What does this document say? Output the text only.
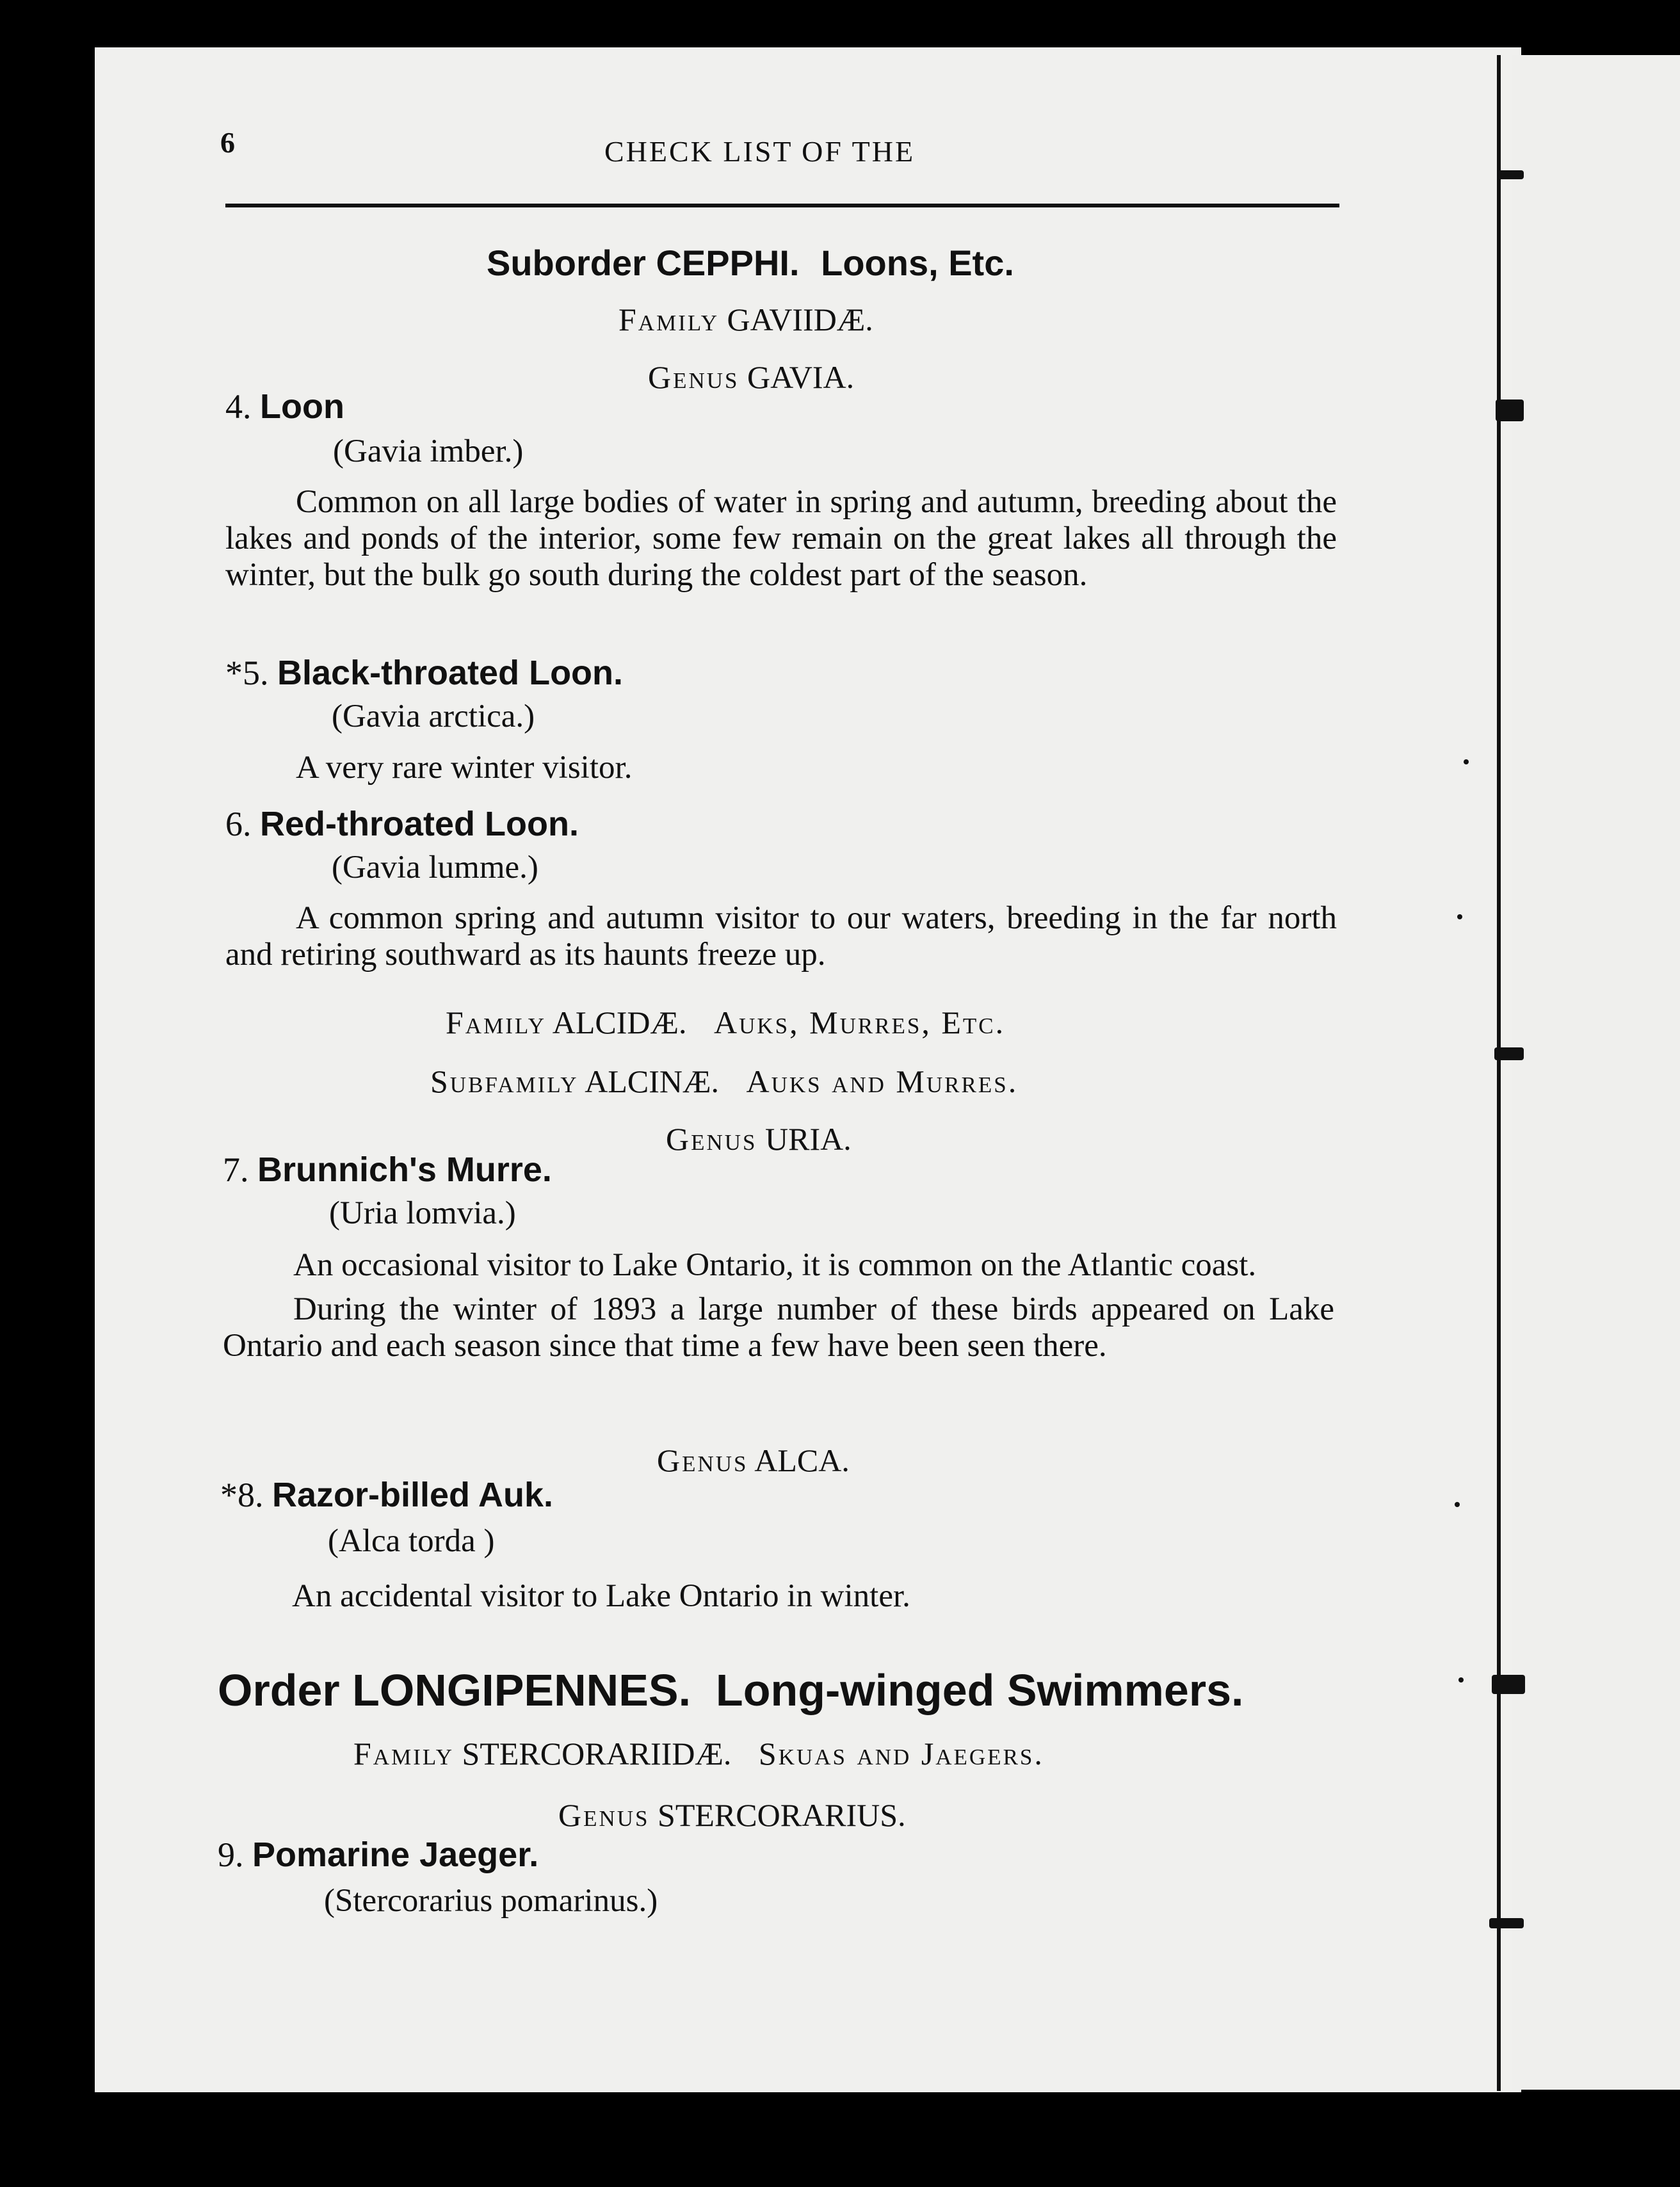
6	CHECK LIST OF THE
Suborder CEPPHI. Loons, Etc.
Family GAVIIDÆ.
Genus GAVIA.
4. Loon
(Gavia imber.)

Common on all large bodies of water in spring and autumn, breeding about the lakes and ponds of the interior, some few remain on the great lakes all through the winter, but the bulk go south during the coldest part of the season.

*5. Black-throated Loon.
(Gavia arctica.)
A very rare winter visitor.
6. Red-throated Loon.
(Gavia lumme.)

A common spring and autumn visitor to our waters, breeding in the far north and retiring southward as its haunts freeze up.

Family ALCIDÆ. Auks, Murres, Etc.
Subfamily ALCINÆ. Auks and Murres.
Genus URIA.
7. Brunnich's Murre.
(Uria lomvia.)

An occasional visitor to Lake Ontario, it is common on the Atlantic coast.

During the winter of 1893 a large number of these birds appeared on Lake Ontario and each season since that time a few have been seen there.

Genus ALCA.
*8. Razor-billed Auk.
(Alca torda )
An accidental visitor to Lake Ontario in winter.
Order LONGIPENNES.  Long-winged Swimmers.
Family STERCORARIIDÆ. Skuas and Jaegers.
Genus STERCORARIUS.
9. Pomarine Jaeger.
(Stercorarius pomarinus.)
